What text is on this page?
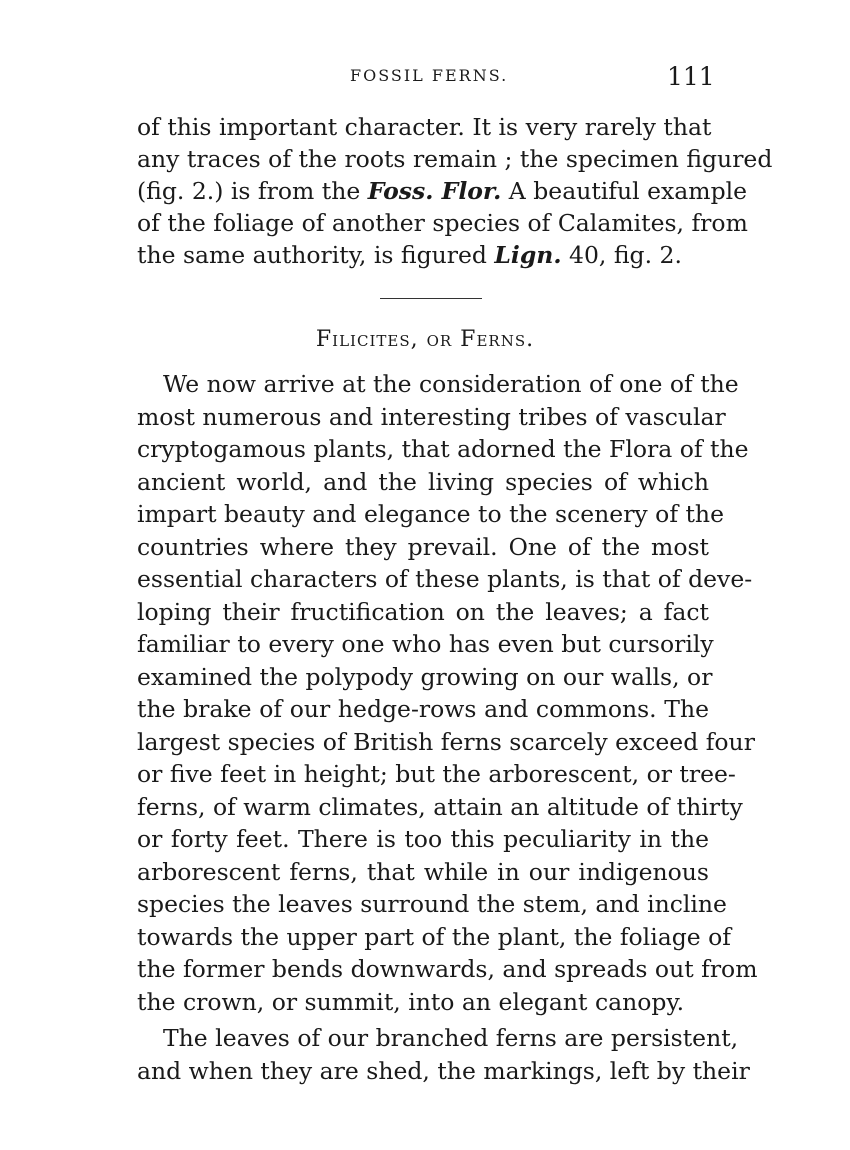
FOSSIL FERNS.	111
of this important character. It is very rarely that
any traces of the roots remain ; the specimen figured
(fig. 2.) is from the Foss. Flor. A beautiful example
of the foliage of another species of Calamites, from
the same authority, is figured Lign. 40, fig. 2.
Filicites, or Ferns.
We now arrive at the consideration of one of the
most numerous and interesting tribes of vascular
cryptogamous plants, that adorned the Flora of the
ancient world, and the living species of which
impart beauty and elegance to the scenery of the
countries where they prevail. One of the most
essential characters of these plants, is that of deve-
loping their fructification on the leaves; a fact
familiar to every one who has even but cursorily
examined the polypody growing on our walls, or
the brake of our hedge-rows and commons. The
largest species of British ferns scarcely exceed four
or five feet in height; but the arborescent, or tree-
ferns, of warm climates, attain an altitude of thirty
or forty feet. There is too this peculiarity in the
arborescent ferns, that while in our indigenous
species the leaves surround the stem, and incline
towards the upper part of the plant, the foliage of
the former bends downwards, and spreads out from
the crown, or summit, into an elegant canopy.
The leaves of our branched ferns are persistent,
and when they are shed, the markings, left by their
